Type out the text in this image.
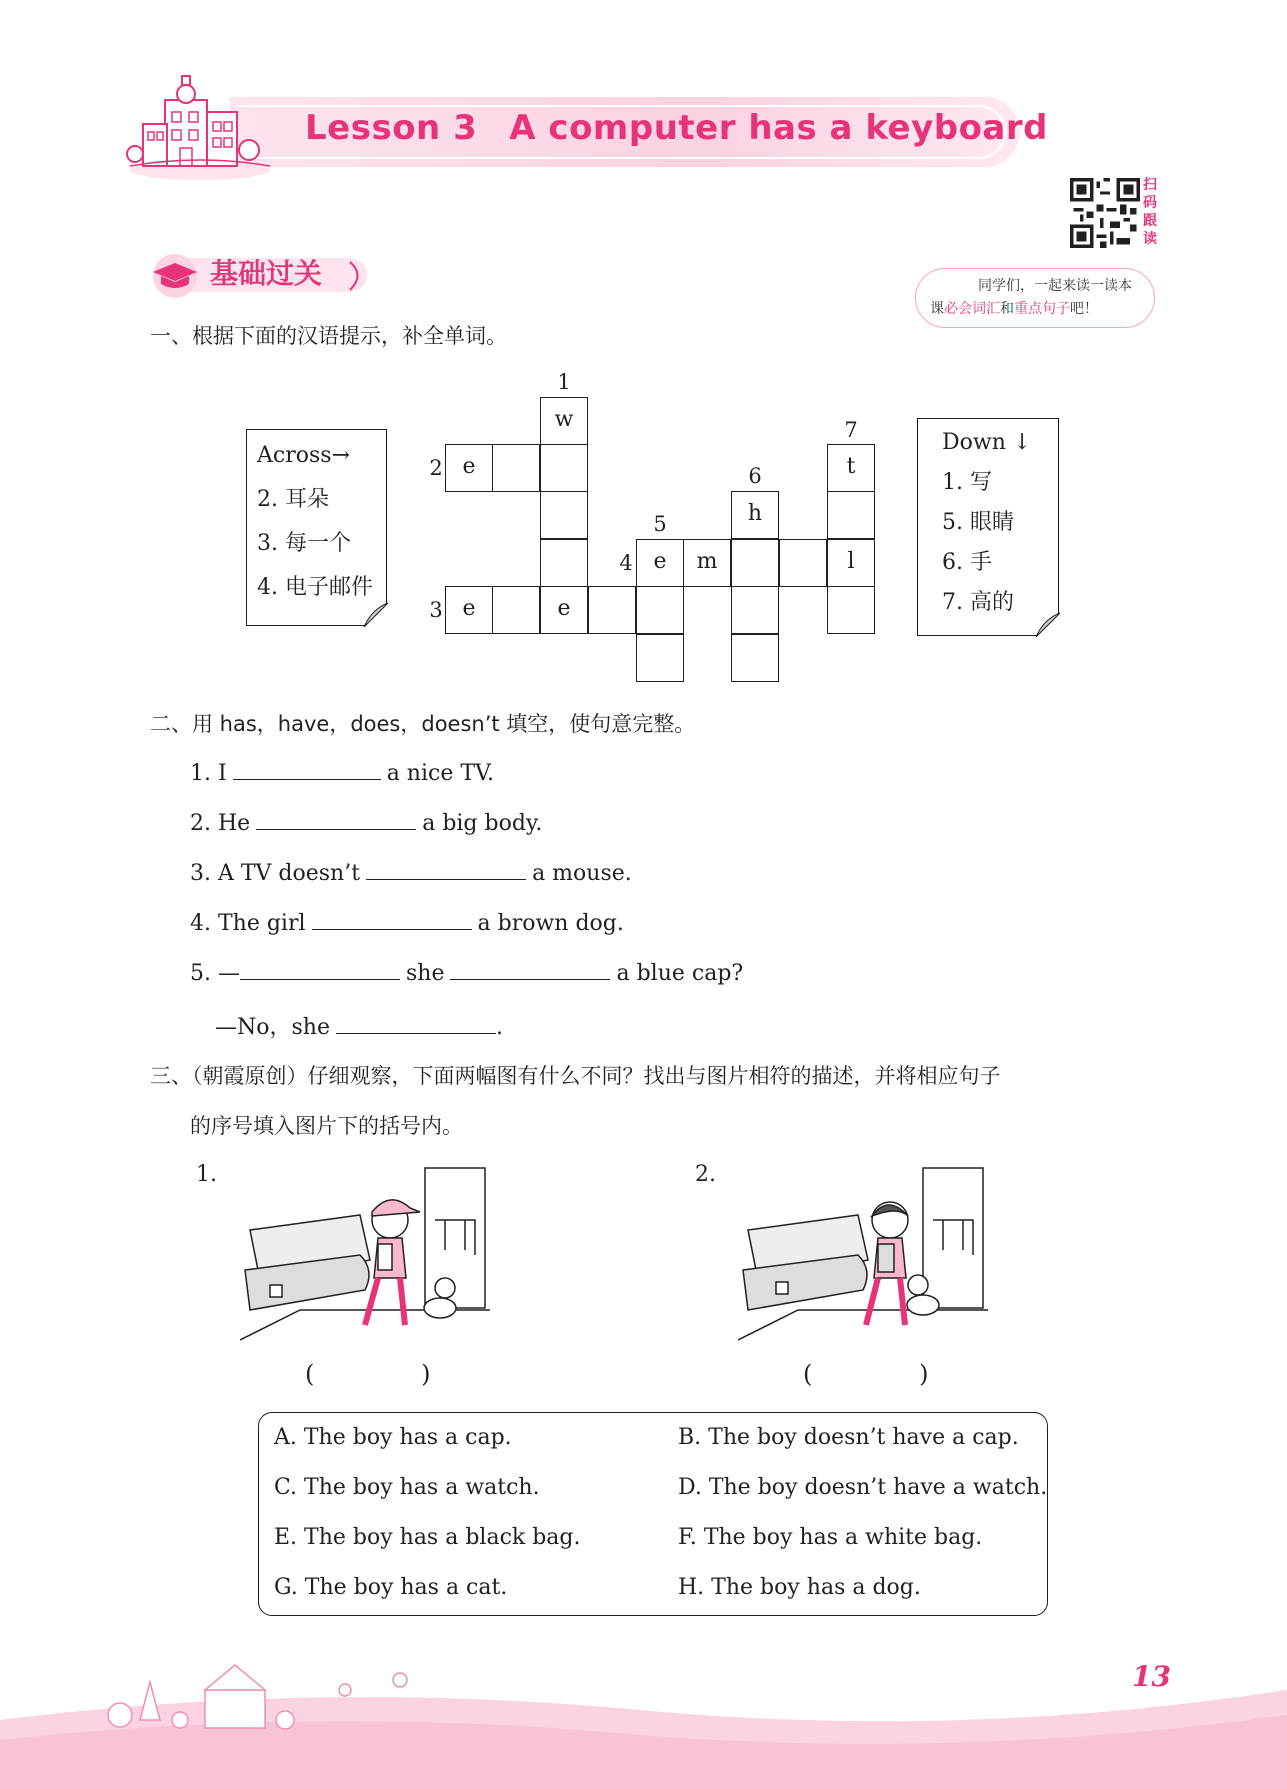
Lesson 3 A computer has a keyboard
扫
码
跟
读
同学们，一起来读一读本
课必会词汇和重点句子吧！
基础过关
一、根据下面的汉语提示，补全单词。
Across→
2. 耳朵
3. 每一个
4. 电子邮件
Down ↓
1. 写
5. 眼睛
6. 手
7. 高的
w
e
e
e
e	m
h
t
l
1
2
3
4
5
6
7
二、用 has，have，does，doesn’t 填空，使句意完整。
1. I	a nice TV.
2. He	a big body.
3. A TV doesn’t	a mouse.
4. The girl	a brown dog.
5. —	she	a blue cap?
—No，she	.
三、（朝霞原创）仔细观察，下面两幅图有什么不同？找出与图片相符的描述，并将相应句子
的序号填入图片下的括号内。
1.
(              )
2.
(              )
A. The boy has a cap.	B. The boy doesn’t have a cap.
C. The boy has a watch.	D. The boy doesn’t have a watch.
E. The boy has a black bag.	F. The boy has a white bag.
G. The boy has a cat.	H. The boy has a dog.
13
